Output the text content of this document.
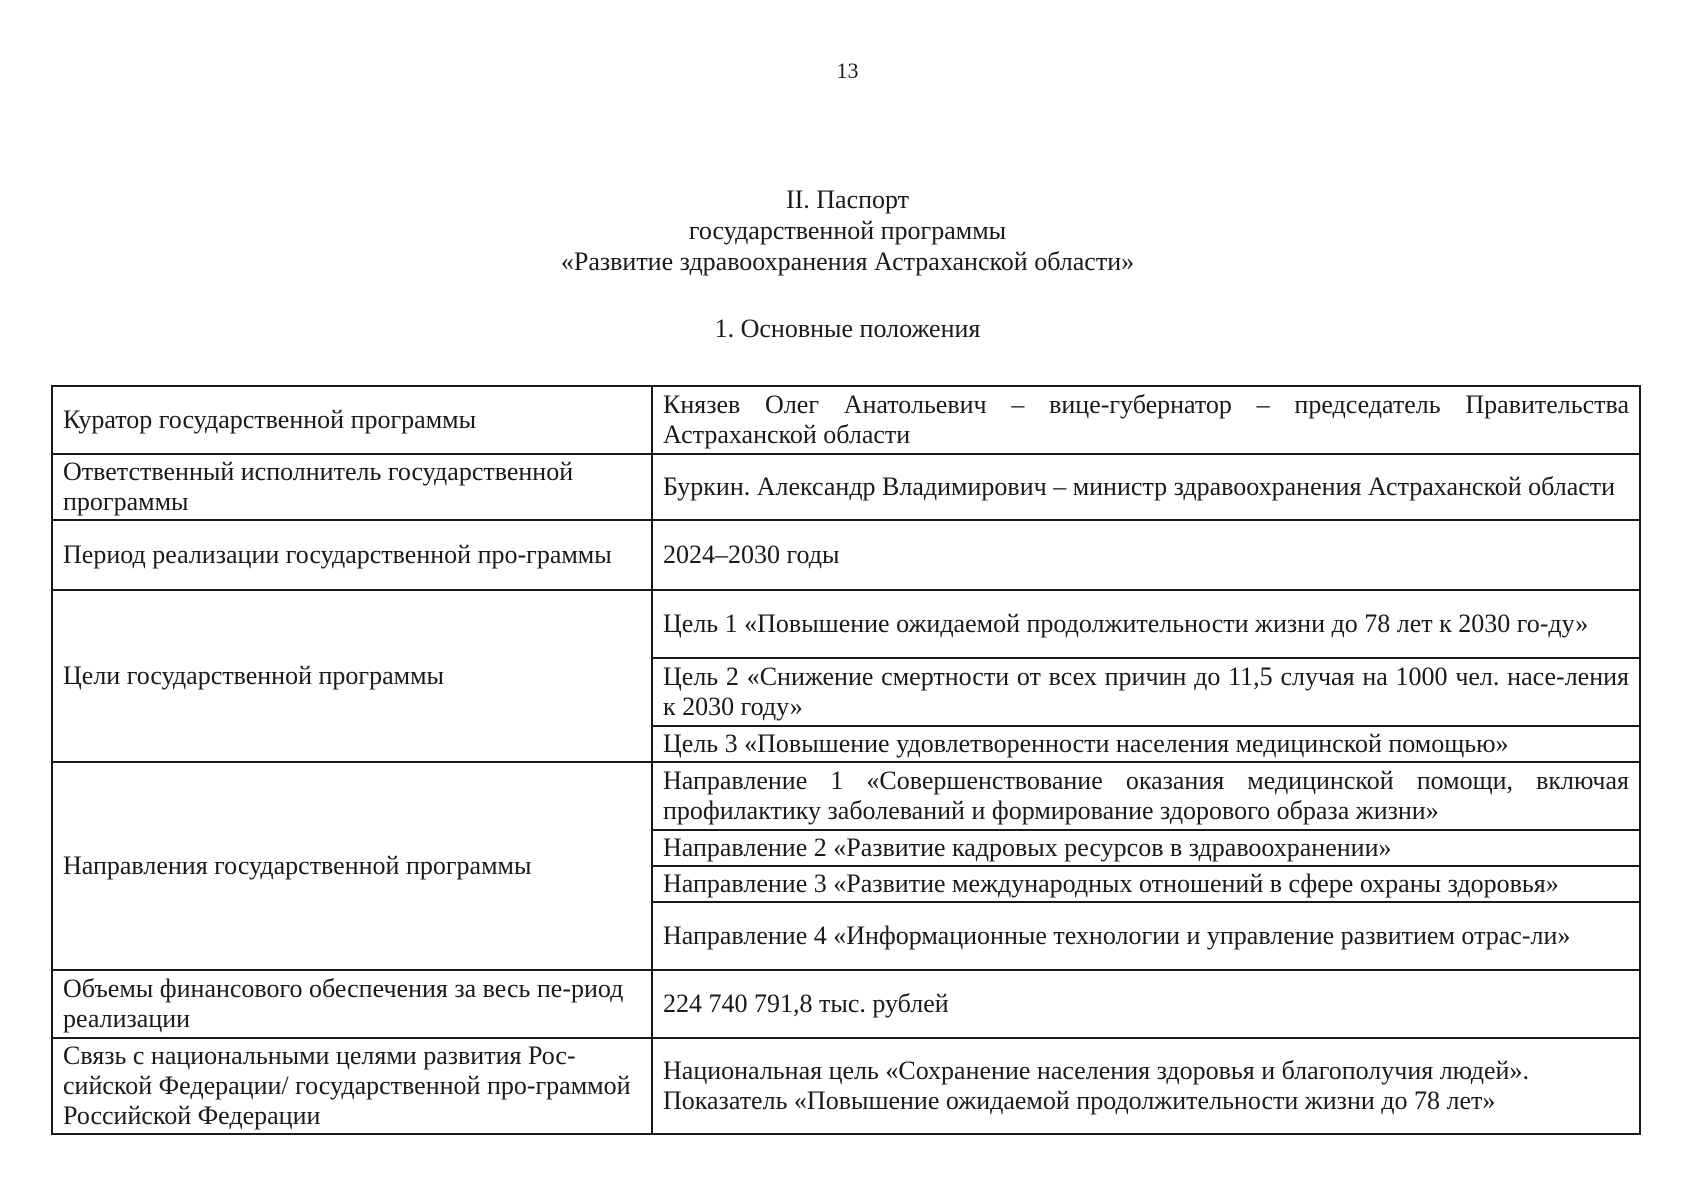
13
II. Паспорт
государственной программы
«Развитие здравоохранения Астраханской области»
1. Основные положения
Куратор государственной программы	Князев Олег Анатольевич – вице-губернатор – председатель Правительства Астраханской области
Ответственный исполнитель государственной программы	Буркин. Александр Владимирович – министр здравоохранения Астраханской области
Период реализации государственной про-граммы	2024–2030 годы
Цели государственной программы	Цель 1 «Повышение ожидаемой продолжительности жизни до 78 лет к 2030 го-ду»
	Цель 2 «Снижение смертности от всех причин до 11,5 случая на 1000 чел. насе-ления к 2030 году»
	Цель 3 «Повышение удовлетворенности населения медицинской помощью»
Направления государственной программы	Направление 1 «Совершенствование оказания медицинской помощи, включая профилактику заболеваний и формирование здорового образа жизни»
	Направление 2 «Развитие кадровых ресурсов в здравоохранении»
	Направление 3 «Развитие международных отношений в сфере охраны здоровья»
	Направление 4 «Информационные технологии и управление развитием отрас-ли»
Объемы финансового обеспечения за весь пе-риод реализации	224 740 791,8 тыс. рублей
Связь с национальными целями развития Рос-сийской Федерации/ государственной про-граммой Российской Федерации	Национальная цель «Сохранение населения здоровья и благополучия людей».
Показатель «Повышение ожидаемой продолжительности жизни до 78 лет»
